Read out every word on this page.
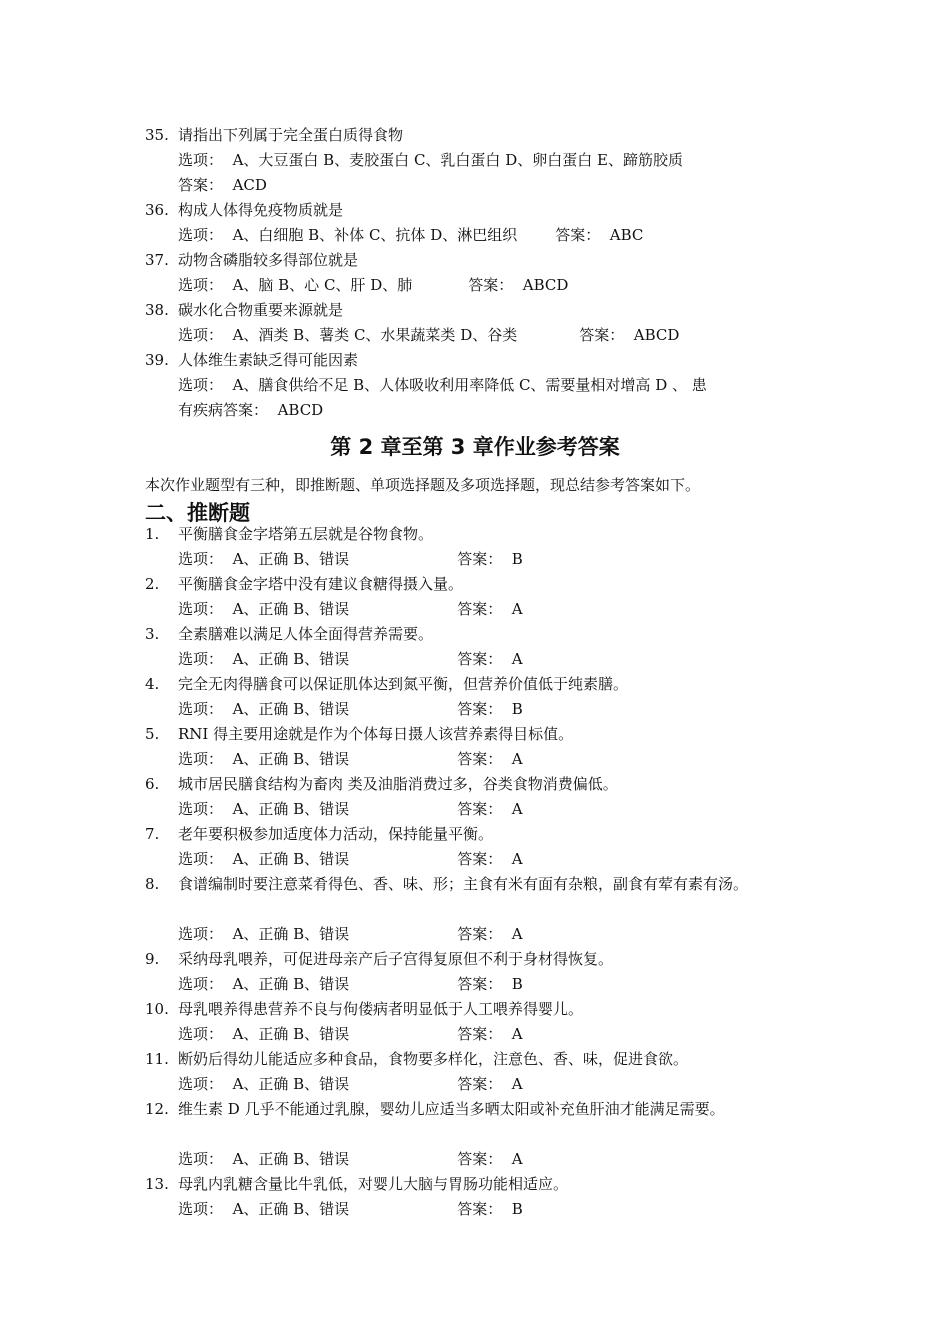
35. 请指出下列属于完全蛋白质得食物
选项： A、大豆蛋白 B、麦胶蛋白 C、乳白蛋白 D、卵白蛋白 E、蹄筋胶质
答案： ACD
36. 构成人体得免疫物质就是
选项： A、白细胞 B、补体 C、抗体 D、淋巴组织	答案： ABC
37. 动物含磷脂较多得部位就是
选项： A、脑 B、心 C、肝 D、肺	答案： ABCD
38. 碳水化合物重要来源就是
选项： A、酒类 B、薯类 C、水果蔬菜类 D、谷类	答案： ABCD
39. 人体维生素缺乏得可能因素
选项： A、膳食供给不足 B、人体吸收利用率降低 C、需要量相对增高 D 、 患
有疾病答案： ABCD
第 2 章至第 3 章作业参考答案
本次作业题型有三种，即推断题、单项选择题及多项选择题，现总结参考答案如下。
二、推断题
1. 平衡膳食金字塔第五层就是谷物食物。
选项： A、正确 B、错误	答案： B
2. 平衡膳食金字塔中没有建议食糖得摄入量。
选项： A、正确 B、错误	答案： A
3. 全素膳难以满足人体全面得营养需要。
选项： A、正确 B、错误	答案： A
4. 完全无肉得膳食可以保证肌体达到氮平衡，但营养价值低于纯素膳。
选项： A、正确 B、错误	答案： B
5. RNI 得主要用途就是作为个体每日摄人该营养素得目标值。
选项： A、正确 B、错误	答案： A
6. 城市居民膳食结构为畜肉 类及油脂消费过多，谷类食物消费偏低。
选项： A、正确 B、错误	答案： A
7. 老年要积极参加适度体力活动，保持能量平衡。
选项： A、正确 B、错误	答案： A
8. 食谱编制时要注意菜肴得色、香、味、形；主食有米有面有杂粮，副食有荤有素有汤。
选项： A、正确 B、错误	答案： A
9. 采纳母乳喂养，可促进母亲产后子宫得复原但不利于身材得恢复。
选项： A、正确 B、错误	答案： B
10. 母乳喂养得患营养不良与佝偻病者明显低于人工喂养得婴儿。
选项： A、正确 B、错误	答案： A
11. 断奶后得幼儿能适应多种食品，食物要多样化，注意色、香、味，促进食欲。
选项： A、正确 B、错误	答案： A
12. 维生素 D 几乎不能通过乳腺，婴幼儿应适当多晒太阳或补充鱼肝油才能满足需要。
选项： A、正确 B、错误	答案： A
13. 母乳内乳糖含量比牛乳低，对婴儿大脑与胃肠功能相适应。
选项： A、正确 B、错误	答案： B
